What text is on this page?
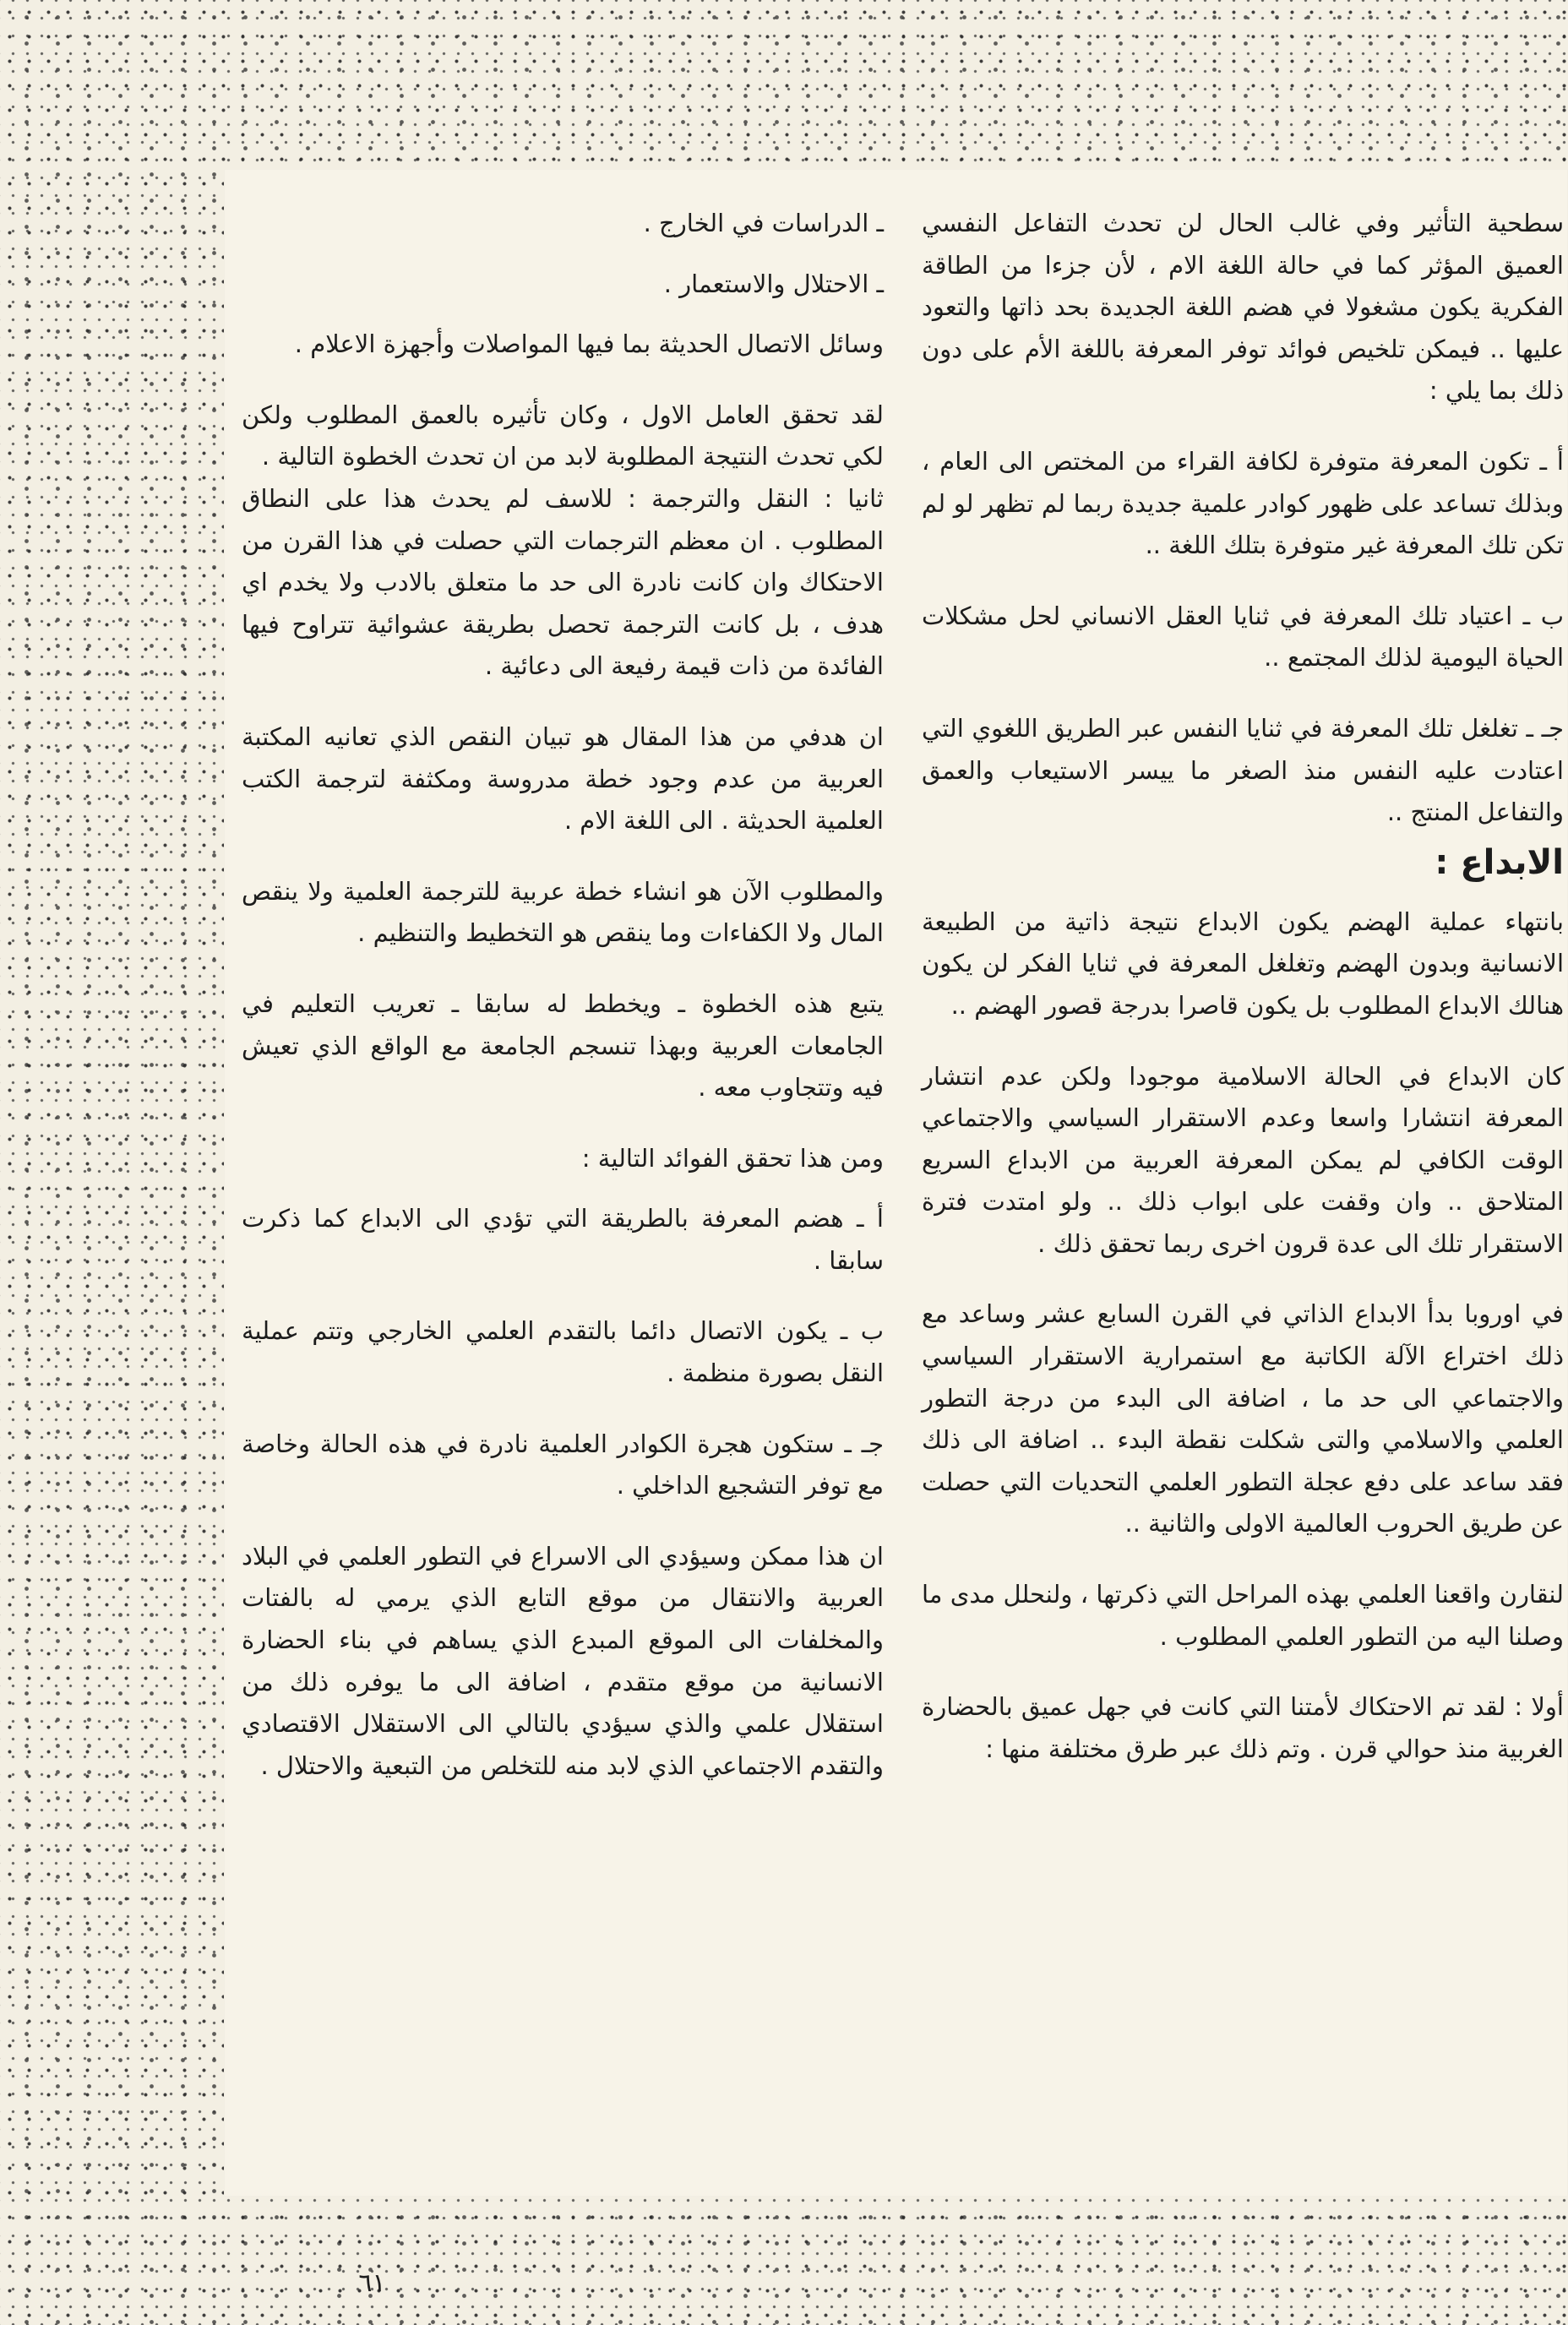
سطحية التأثير وفي غالب الحال لن تحدث التفاعل النفسي العميق المؤثر كما في حالة اللغة الام ، لأن جزءا من الطاقة الفكرية يكون مشغولا في هضم اللغة الجديدة بحد ذاتها والتعود عليها .. فيمكن تلخيص فوائد توفر المعرفة باللغة الأم على دون ذلك بما يلي :

أ ـ تكون المعرفة متوفرة لكافة القراء من المختص الى العام ، وبذلك تساعد على ظهور كوادر علمية جديدة ربما لم تظهر لو لم تكن تلك المعرفة غير متوفرة بتلك اللغة ..

ب ـ اعتياد تلك المعرفة في ثنايا العقل الانساني لحل مشكلات الحياة اليومية لذلك المجتمع ..

جـ ـ تغلغل تلك المعرفة في ثنايا النفس عبر الطريق اللغوي التي اعتادت عليه النفس منذ الصغر ما ييسر الاستيعاب والعمق والتفاعل المنتج ..

الابداع :

بانتهاء عملية الهضم يكون الابداع نتيجة ذاتية من الطبيعة الانسانية وبدون الهضم وتغلغل المعرفة في ثنايا الفكر لن يكون هنالك الابداع المطلوب بل يكون قاصرا بدرجة قصور الهضم ..

كان الابداع في الحالة الاسلامية موجودا ولكن عدم انتشار المعرفة انتشارا واسعا وعدم الاستقرار السياسي والاجتماعي الوقت الكافي لم يمكن المعرفة العربية من الابداع السريع المتلاحق .. وان وقفت على ابواب ذلك .. ولو امتدت فترة الاستقرار تلك الى عدة قرون اخرى ربما تحقق ذلك .

في اوروبا بدأ الابداع الذاتي في القرن السابع عشر وساعد مع ذلك اختراع الآلة الكاتبة مع استمرارية الاستقرار السياسي والاجتماعي الى حد ما ، اضافة الى البدء من درجة التطور العلمي والاسلامي والتى شكلت نقطة البدء .. اضافة الى ذلك فقد ساعد على دفع عجلة التطور العلمي التحديات التي حصلت عن طريق الحروب العالمية الاولى والثانية ..

لنقارن واقعنا العلمي بهذه المراحل التي ذكرتها ، ولنحلل مدى ما وصلنا اليه من التطور العلمي المطلوب .

أولا : لقد تم الاحتكاك لأمتنا التي كانت في جهل عميق بالحضارة الغربية منذ حوالي قرن . وتم ذلك عبر طرق مختلفة منها :

ـ الدراسات في الخارج .

ـ الاحتلال والاستعمار .

وسائل الاتصال الحديثة بما فيها المواصلات وأجهزة الاعلام .

لقد تحقق العامل الاول ، وكان تأثيره بالعمق المطلوب ولكن لكي تحدث النتيجة المطلوبة لابد من ان تحدث الخطوة التالية .

ثانيا : النقل والترجمة : للاسف لم يحدث هذا على النطاق المطلوب . ان معظم الترجمات التي حصلت في هذا القرن من الاحتكاك وان كانت نادرة الى حد ما متعلق بالادب ولا يخدم اي هدف ، بل كانت الترجمة تحصل بطريقة عشوائية تتراوح فيها الفائدة من ذات قيمة رفيعة الى دعائية .

ان هدفي من هذا المقال هو تبيان النقص الذي تعانيه المكتبة العربية من عدم وجود خطة مدروسة ومكثفة لترجمة الكتب العلمية الحديثة . الى اللغة الام .

والمطلوب الآن هو انشاء خطة عربية للترجمة العلمية ولا ينقص المال ولا الكفاءات وما ينقص هو التخطيط والتنظيم .

يتبع هذه الخطوة ـ ويخطط له سابقا ـ تعريب التعليم في الجامعات العربية وبهذا تنسجم الجامعة مع الواقع الذي تعيش فيه وتتجاوب معه .

ومن هذا تحقق الفوائد التالية :

أ ـ هضم المعرفة بالطريقة التي تؤدي الى الابداع كما ذكرت سابقا .

ب ـ يكون الاتصال دائما بالتقدم العلمي الخارجي وتتم عملية النقل بصورة منظمة .

جـ ـ ستكون هجرة الكوادر العلمية نادرة في هذه الحالة وخاصة مع توفر التشجيع الداخلي .

ان هذا ممكن وسيؤدي الى الاسراع في التطور العلمي في البلاد العربية والانتقال من موقع التابع الذي يرمي له بالفتات والمخلفات الى الموقع المبدع الذي يساهم في بناء الحضارة الانسانية من موقع متقدم ، اضافة الى ما يوفره ذلك من استقلال علمي والذي سيؤدي بالتالي الى الاستقلال الاقتصادي والتقدم الاجتماعي الذي لابد منه للتخلص من التبعية والاحتلال .

٦١
